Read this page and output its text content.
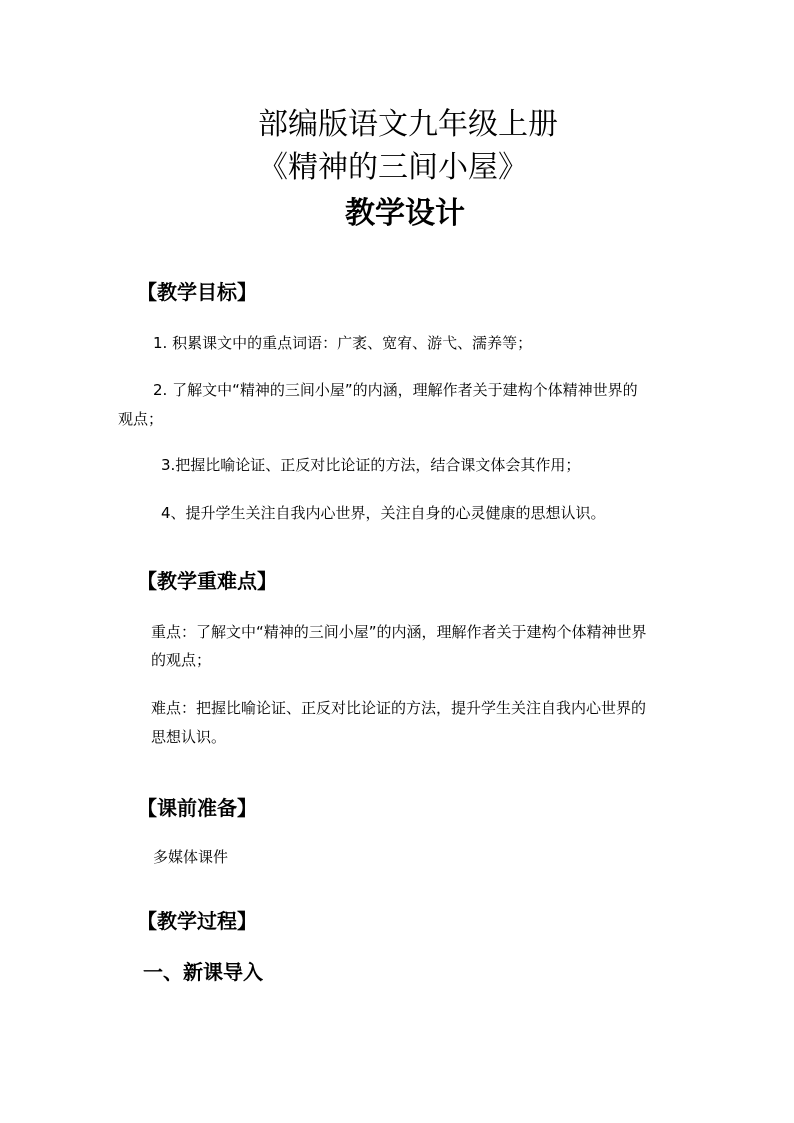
部编版语文九年级上册
《精神的三间小屋》
教学设计
【教学目标】
1. 积累课文中的重点词语：广袤、宽宥、游弋、濡养等；
2. 了解文中“精神的三间小屋”的内涵，理解作者关于建构个体精神世界的
观点；
3.把握比喻论证、正反对比论证的方法，结合课文体会其作用；
4、提升学生关注自我内心世界，关注自身的心灵健康的思想认识。
【教学重难点】
重点：了解文中“精神的三间小屋”的内涵，理解作者关于建构个体精神世界
的观点；
难点：把握比喻论证、正反对比论证的方法，提升学生关注自我内心世界的
思想认识。
【课前准备】
多媒体课件
【教学过程】
一、新课导入
